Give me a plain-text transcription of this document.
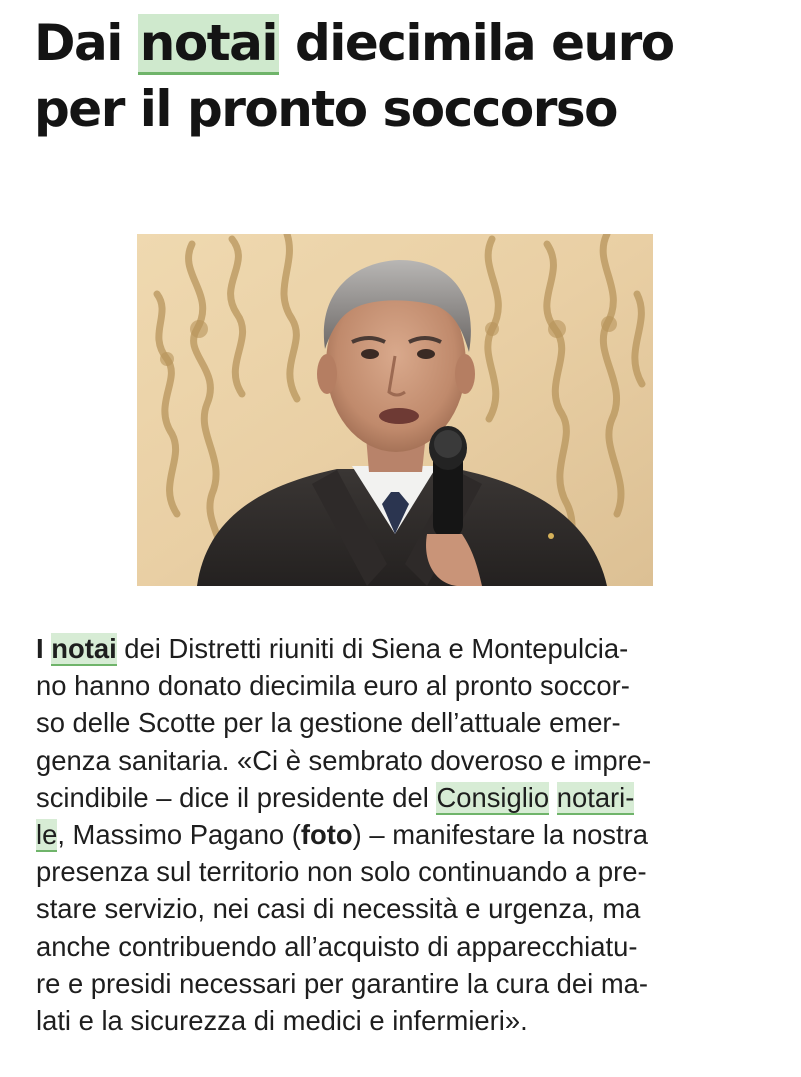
Dai notai diecimila euro
per il pronto soccorso
I notai dei Distretti riuniti di Siena e Montepulcia-
no hanno donato diecimila euro al pronto soccor-
so delle Scotte per la gestione dell’attuale emer-
genza sanitaria. «Ci è sembrato doveroso e impre-
scindibile – dice il presidente del Consiglio notari-
le, Massimo Pagano (foto) – manifestare la nostra
presenza sul territorio non solo continuando a pre-
stare servizio, nei casi di necessità e urgenza, ma
anche contribuendo all’acquisto di apparecchiatu-
re e presidi necessari per garantire la cura dei ma-
lati e la sicurezza di medici e infermieri».
